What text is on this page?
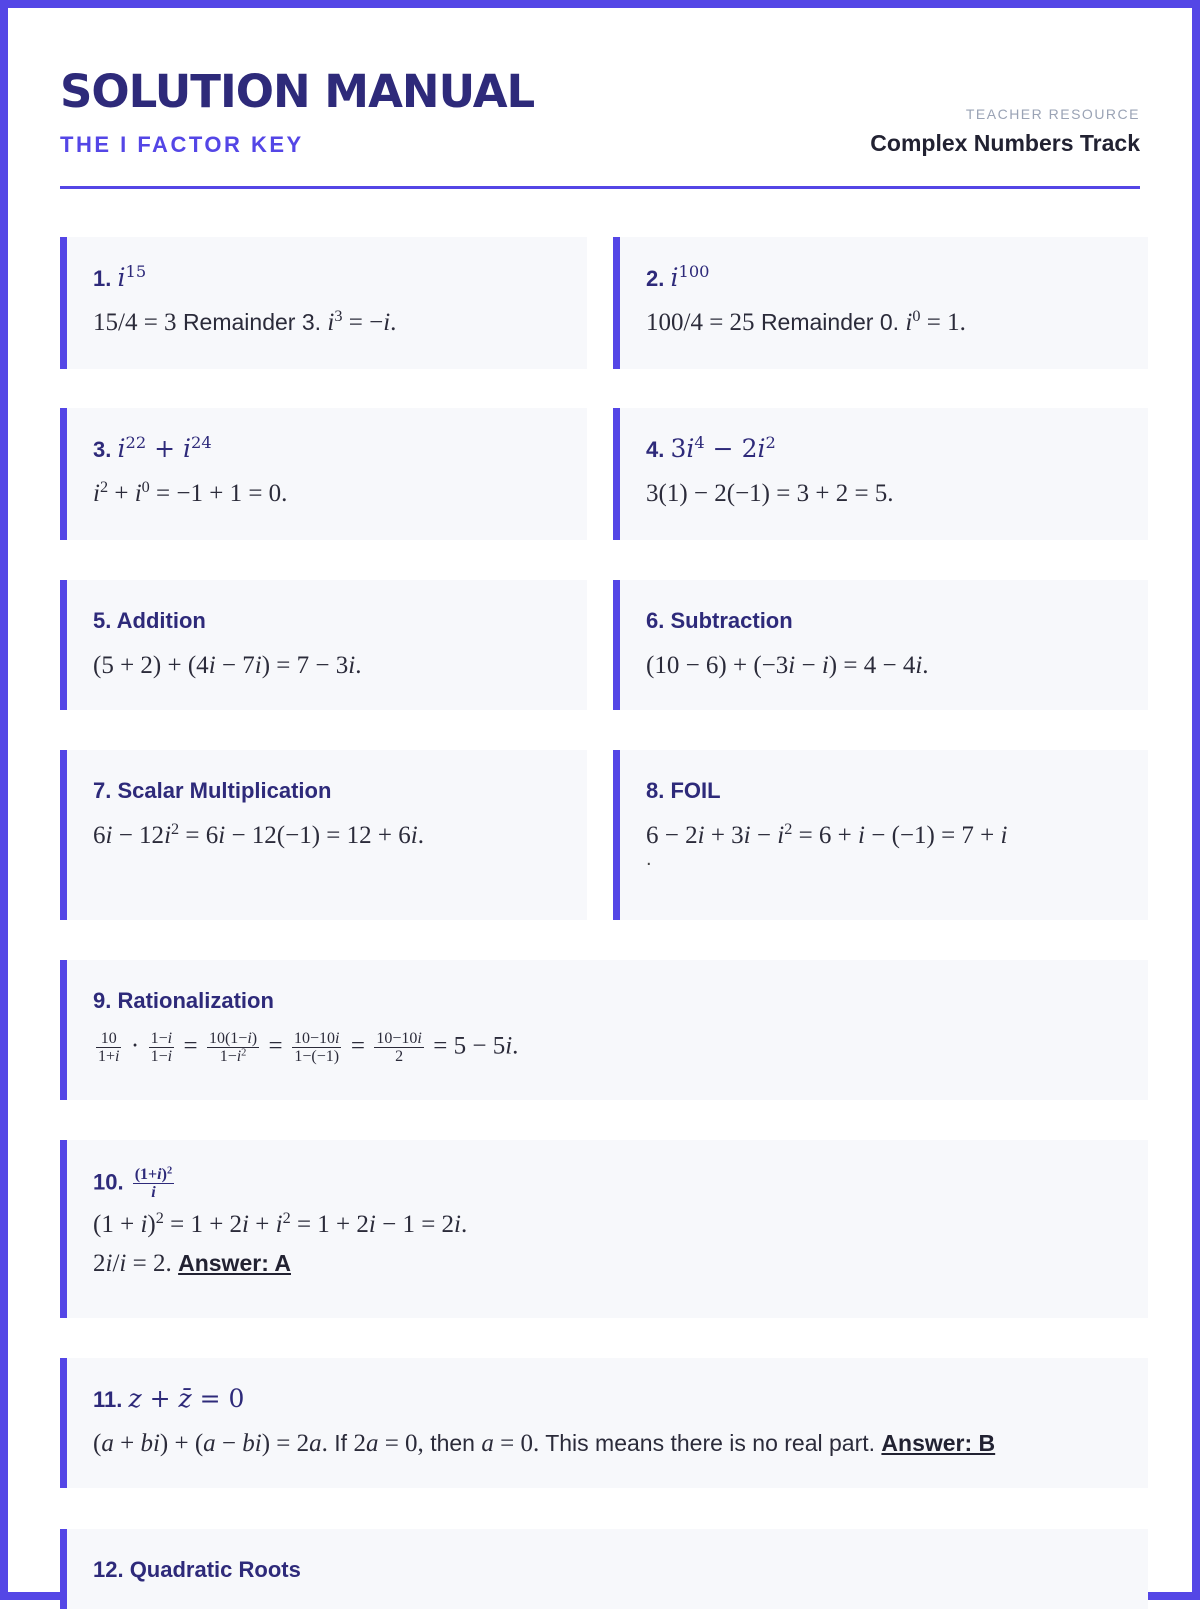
SOLUTION MANUAL
THE I FACTOR KEY
TEACHER RESOURCE
Complex Numbers Track
1. $i^{15}$
15/4 = 3 Remainder 3. $i^3 = -i$.
2. $i^{100}$
100/4 = 25 Remainder 0. $i^0 = 1$.
3. $i^{22} + i^{24}$
$i^2 + i^0 = -1 + 1 = 0$.
4. $3i^4 - 2i^2$
3(1) − 2(−1) = 3 + 2 = 5.
5. Addition
(5 + 2) + (4i − 7i) = 7 − 3i.
6. Subtraction
(10 − 6) + (−3i − i) = 4 − 4i.
7. Scalar Multiplication
$6i - 12i^2 = 6i - 12(-1) = 12 + 6i$.
8. FOIL
$6 - 2i + 3i - i^2 = 6 + i - (-1) = 7 + i$
.
9. Rationalization
$\frac{10}{1+i} \cdot \frac{1-i}{1-i} = \frac{10(1-i)}{1-i^2} = \frac{10-10i}{1-(-1)} = \frac{10-10i}{2} = 5 - 5i$.
10. $\frac{(1+i)^2}{i}$
$(1 + i)^2 = 1 + 2i + i^2 = 1 + 2i - 1 = 2i$.
2i/i = 2. Answer: A
11. z + z̄ = 0
(a + bi) + (a − bi) = 2a. If 2a = 0, then a = 0. This means there is no real part. Answer: B
12. Quadratic Roots
